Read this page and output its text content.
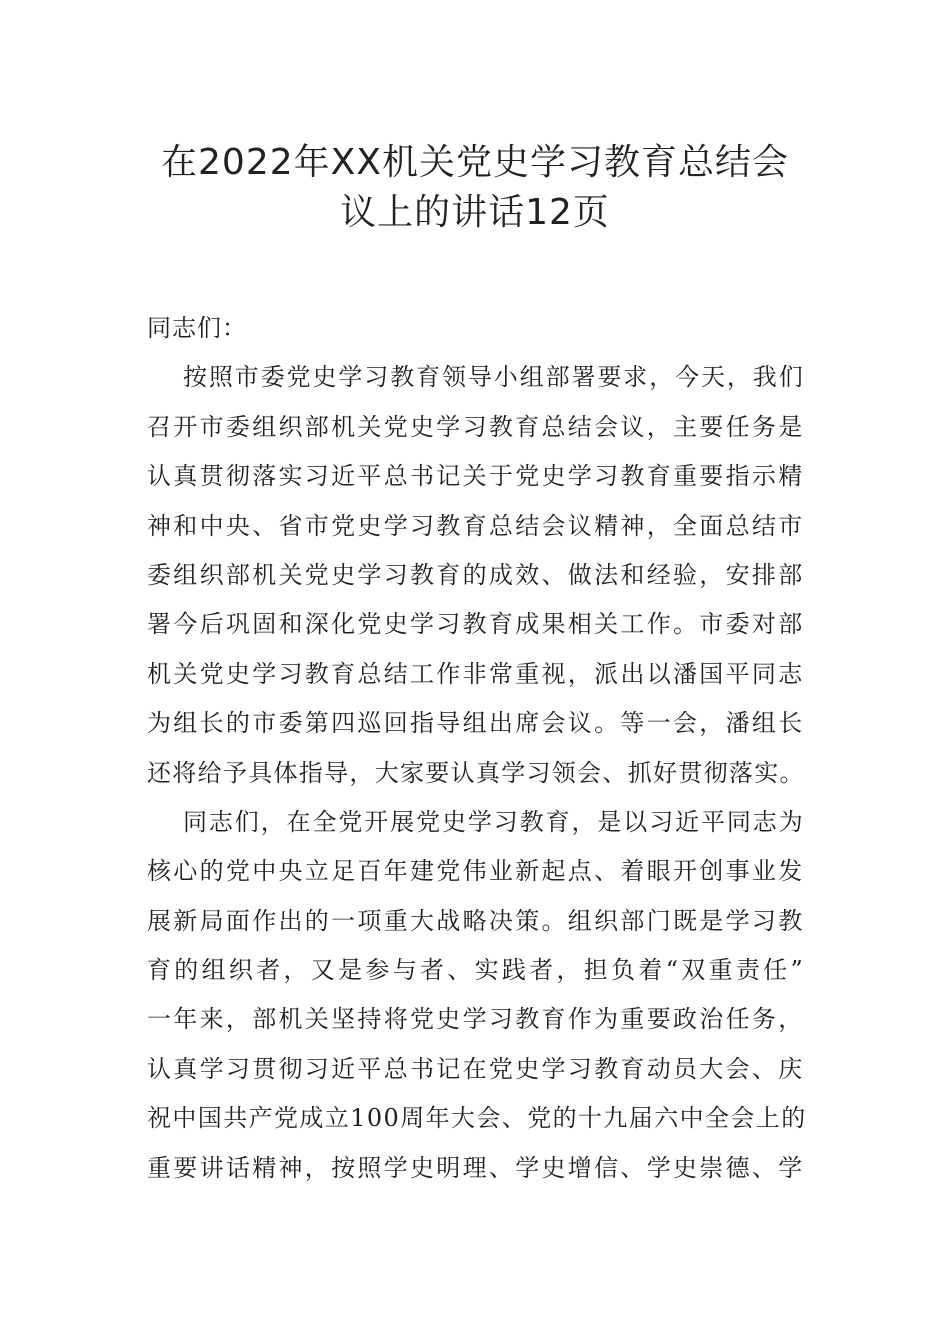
在2022年XX机关党史学习教育总结会
议上的讲话12页
同志们：
按照市委党史学习教育领导小组部署要求，今天，我们
召开市委组织部机关党史学习教育总结会议，主要任务是
认真贯彻落实习近平总书记关于党史学习教育重要指示精
神和中央、省市党史学习教育总结会议精神，全面总结市
委组织部机关党史学习教育的成效、做法和经验，安排部
署今后巩固和深化党史学习教育成果相关工作。市委对部
机关党史学习教育总结工作非常重视，派出以潘国平同志
为组长的市委第四巡回指导组出席会议。等一会，潘组长
还将给予具体指导，大家要认真学习领会、抓好贯彻落实。
同志们，在全党开展党史学习教育，是以习近平同志为
核心的党中央立足百年建党伟业新起点、着眼开创事业发
展新局面作出的一项重大战略决策。组织部门既是学习教
育的组织者，又是参与者、实践者，担负着“双重责任”
一年来，部机关坚持将党史学习教育作为重要政治任务，
认真学习贯彻习近平总书记在党史学习教育动员大会、庆
祝中国共产党成立100周年大会、党的十九届六中全会上的
重要讲话精神，按照学史明理、学史增信、学史崇德、学
